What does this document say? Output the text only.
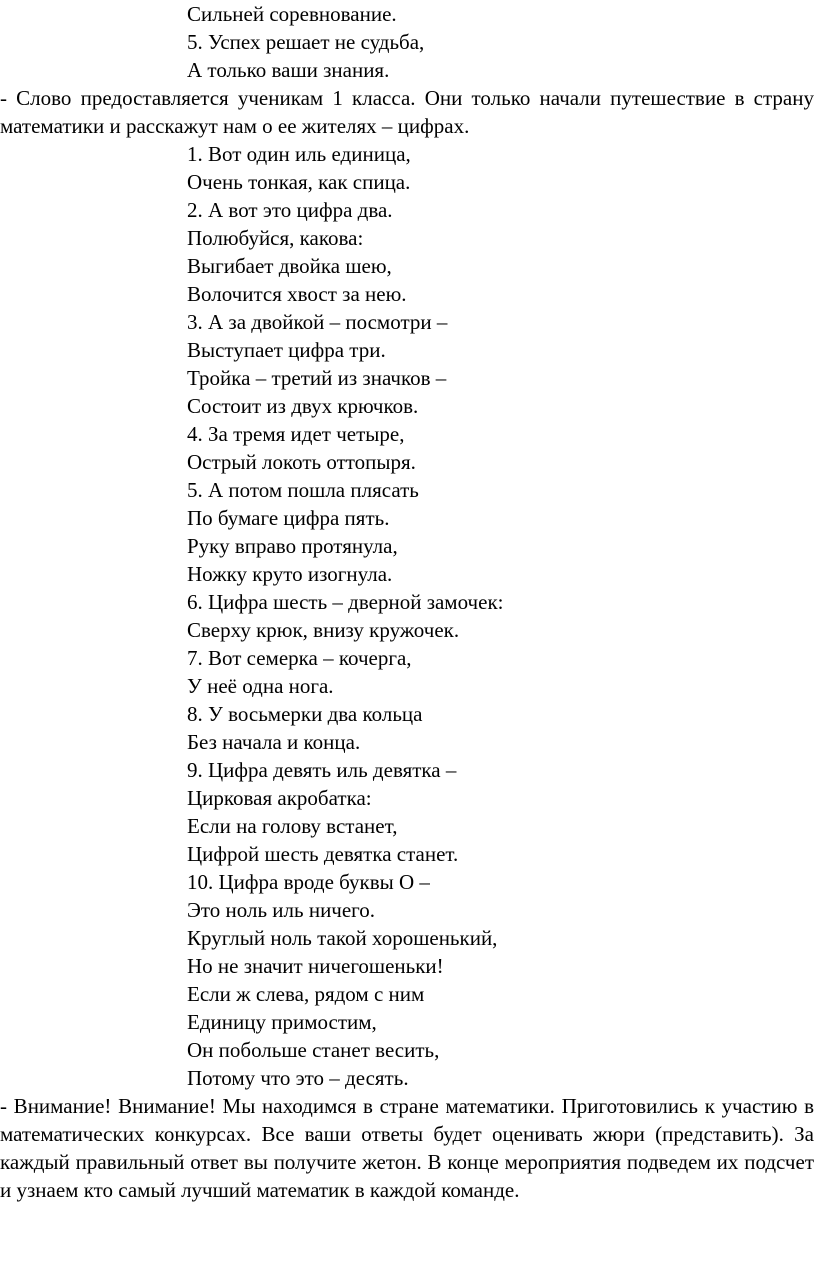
Сильней соревнование.
5. Успех решает не судьба,
А только ваши знания.

- Слово предоставляется ученикам 1 класса. Они только начали путешествие в страну математики и расскажут нам о ее жителях – цифрах.

1. Вот один иль единица,
Очень тонкая, как спица.
2. А вот это цифра два.
Полюбуйся, какова:
Выгибает двойка шею,
Волочится хвост за нею.
3. А за двойкой – посмотри –
Выступает цифра три.
Тройка – третий из значков –
Состоит из двух крючков.
4. За тремя идет четыре,
Острый локоть оттопыря.
5. А потом пошла плясать
По бумаге цифра пять.
Руку вправо протянула,
Ножку круто изогнула.
6. Цифра шесть – дверной замочек:
Сверху крюк, внизу кружочек.
7. Вот семерка – кочерга,
У неё одна нога.
8. У восьмерки два кольца
Без начала и конца.
9. Цифра девять иль девятка –
Цирковая акробатка:
Если на голову встанет,
Цифрой шесть девятка станет.
10. Цифра вроде буквы О –
Это ноль иль ничего.
Круглый ноль такой хорошенький,
Но не значит ничегошеньки!
Если ж слева, рядом с ним
Единицу примостим,
Он побольше станет весить,
Потому что это – десять.

- Внимание! Внимание! Мы находимся в стране математики. Приготовились к участию в математических конкурсах. Все ваши ответы будет оценивать жюри (представить). За каждый правильный ответ вы получите жетон. В конце мероприятия подведем их подсчет и узнаем кто самый лучший математик в каждой команде.
